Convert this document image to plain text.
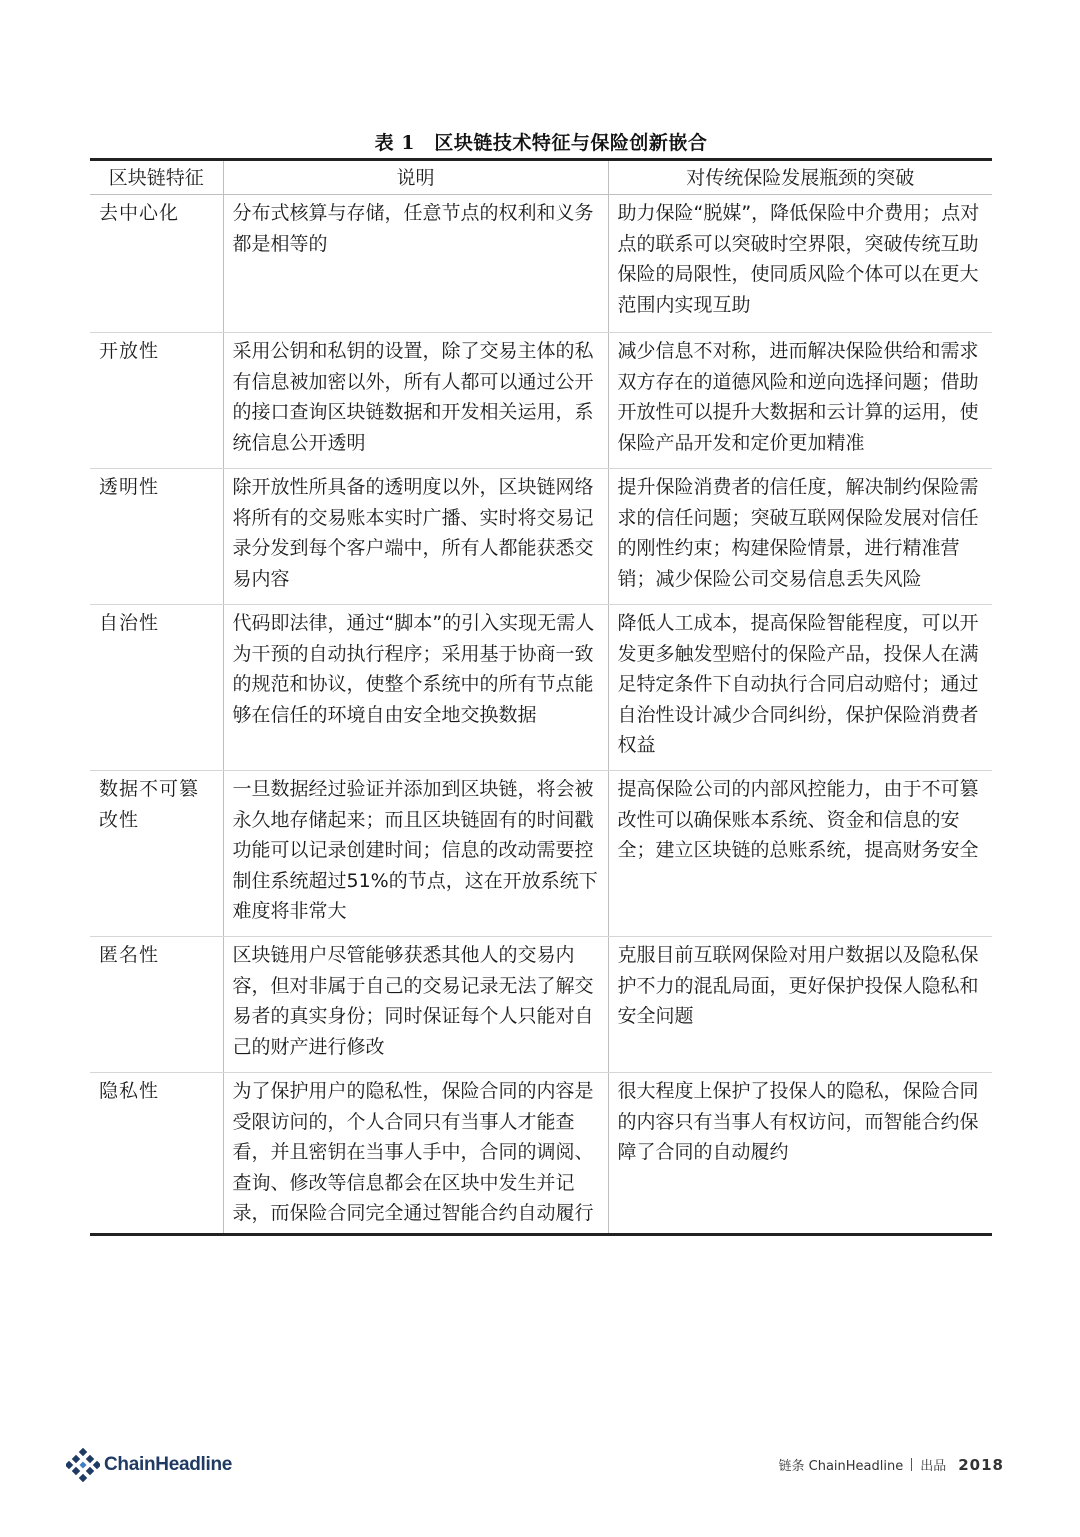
表 1　区块链技术特征与保险创新嵌合
区块链特征	说明	对传统保险发展瓶颈的突破
去中心化	分布式核算与存储，任意节点的权利和义务都是相等的	助力保险“脱媒”，降低保险中介费用；点对点的联系可以突破时空界限，突破传统互助保险的局限性，使同质风险个体可以在更大范围内实现互助
开放性	采用公钥和私钥的设置，除了交易主体的私有信息被加密以外，所有人都可以通过公开的接口查询区块链数据和开发相关运用，系统信息公开透明	减少信息不对称，进而解决保险供给和需求双方存在的道德风险和逆向选择问题；借助开放性可以提升大数据和云计算的运用，使保险产品开发和定价更加精准
透明性	除开放性所具备的透明度以外，区块链网络将所有的交易账本实时广播、实时将交易记录分发到每个客户端中，所有人都能获悉交易内容	提升保险消费者的信任度，解决制约保险需求的信任问题；突破互联网保险发展对信任的刚性约束；构建保险情景，进行精准营销；减少保险公司交易信息丢失风险
自治性	代码即法律，通过“脚本”的引入实现无需人为干预的自动执行程序；采用基于协商一致的规范和协议，使整个系统中的所有节点能够在信任的环境自由安全地交换数据	降低人工成本，提高保险智能程度，可以开发更多触发型赔付的保险产品，投保人在满足特定条件下自动执行合同启动赔付；通过自治性设计减少合同纠纷，保护保险消费者权益
数据不可篡改性	一旦数据经过验证并添加到区块链，将会被永久地存储起来；而且区块链固有的时间戳功能可以记录创建时间；信息的改动需要控制住系统超过51%的节点，这在开放系统下难度将非常大	提高保险公司的内部风控能力，由于不可篡改性可以确保账本系统、资金和信息的安全；建立区块链的总账系统，提高财务安全
匿名性	区块链用户尽管能够获悉其他人的交易内容，但对非属于自己的交易记录无法了解交易者的真实身份；同时保证每个人只能对自己的财产进行修改	克服目前互联网保险对用户数据以及隐私保护不力的混乱局面，更好保护投保人隐私和安全问题
隐私性	为了保护用户的隐私性，保险合同的内容是受限访问的，个人合同只有当事人才能查看，并且密钥在当事人手中，合同的调阅、查询、修改等信息都会在区块中发生并记录，而保险合同完全通过智能合约自动履行	很大程度上保护了投保人的隐私，保险合同的内容只有当事人有权访问，而智能合约保障了合同的自动履约
ChainHeadline	链条 ChainHeadline 出品 2018
